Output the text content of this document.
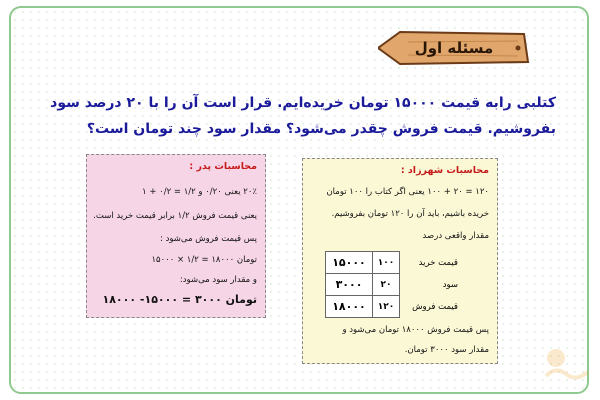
مسئله اول
کتلبی رابه قیمت ۱۵۰۰۰ تومان خریده‌ایم. قرار است آن را با ۲۰ درصد سود
بفروشیم. قیمت فروش چقدر می‌شود؟ مقدار سود چند تومان است؟
محاسبات پدر :
۲۰٪ یعنی ۰/۲۰ و ۱/۲ = ۰/۲ + ۱
یعنی قیمت فروش ۱/۲ برابر قیمت خرید است.
پس قیمت فروش می‌شود :
تومان ۱۸۰۰۰ = ۱/۲ × ۱۵۰۰۰
و مقدار سود می‌شود:
تومان ۳۰۰۰ = ۱۵۰۰۰- ۱۸۰۰۰
محاسبات شهرزاد :
۱۲۰ = ۲۰ + ۱۰۰ یعنی اگر کتاب را ۱۰۰ تومان
خریده باشیم، باید آن را ۱۲۰ تومان بفروشیم.
مقدار واقعی درصد
قیمت خرید	۱۰۰	۱۵۰۰۰
سود	۲۰	۳۰۰۰
قیمت فروش	۱۲۰	۱۸۰۰۰
پس قیمت فروش ۱۸۰۰۰ تومان می‌شود و
مقدار سود ۳۰۰۰ تومان.
